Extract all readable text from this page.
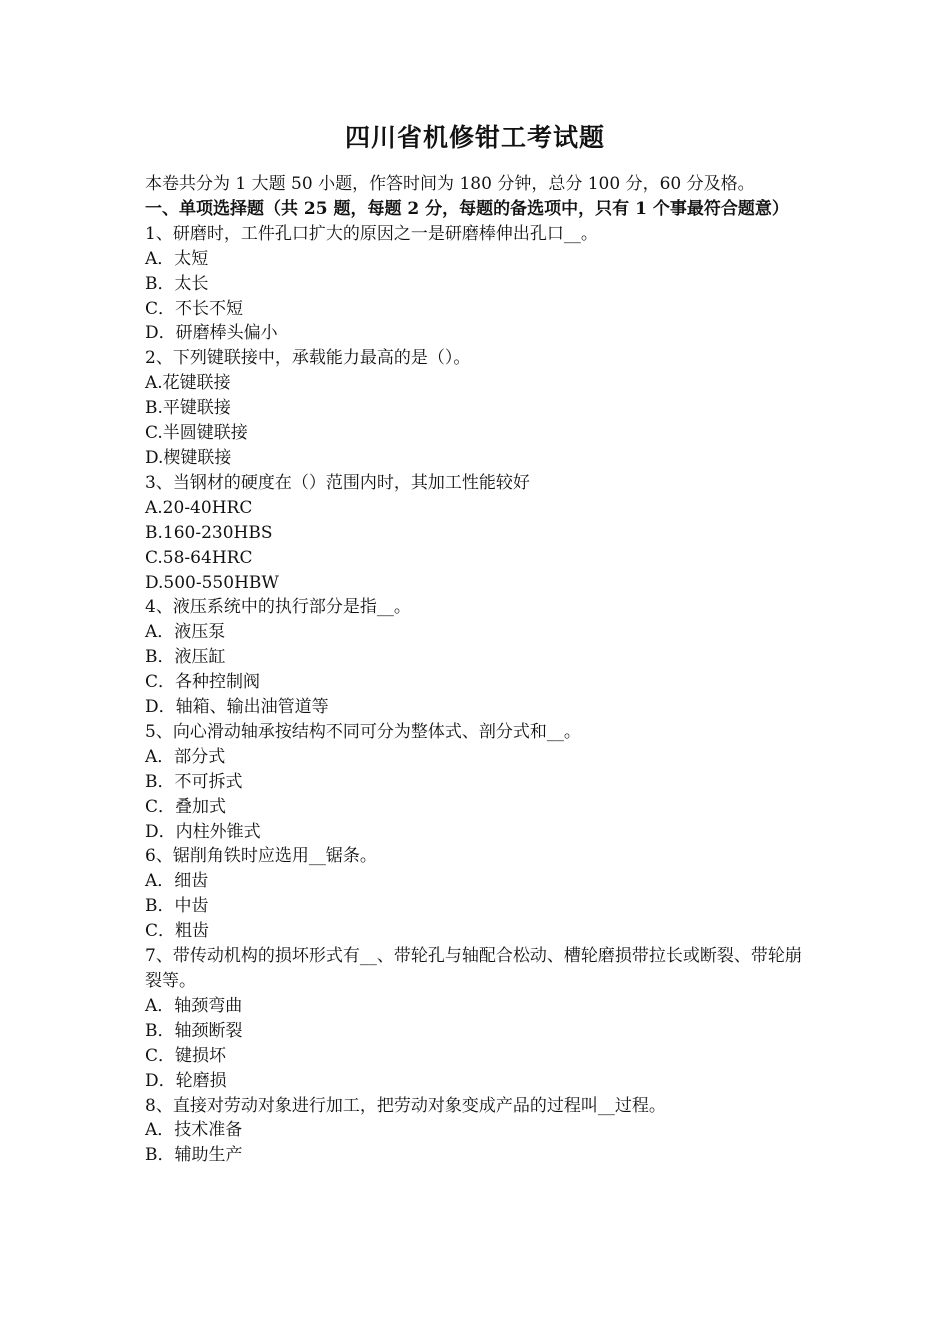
四川省机修钳工考试题
本卷共分为 1 大题 50 小题，作答时间为 180 分钟，总分 100 分，60 分及格。
一、单项选择题（共 25 题，每题 2 分，每题的备选项中，只有 1 个事最符合题意）
1、研磨时，工件孔口扩大的原因之一是研磨棒伸出孔口__。
A．太短
B．太长
C．不长不短
D．研磨棒头偏小
2、下列键联接中，承载能力最高的是（）。
A.花键联接
B.平键联接
C.半圆键联接
D.楔键联接
3、当钢材的硬度在（）范围内时，其加工性能较好
A.20-40HRC
B.160-230HBS
C.58-64HRC
D.500-550HBW
4、液压系统中的执行部分是指__。
A．液压泵
B．液压缸
C．各种控制阀
D．轴箱、输出油管道等
5、向心滑动轴承按结构不同可分为整体式、剖分式和__。
A．部分式
B．不可拆式
C．叠加式
D．内柱外锥式
6、锯削角铁时应选用__锯条。
A．细齿
B．中齿
C．粗齿
7、带传动机构的损坏形式有__、带轮孔与轴配合松动、槽轮磨损带拉长或断裂、带轮崩裂等。
A．轴颈弯曲
B．轴颈断裂
C．键损坏
D．轮磨损
8、直接对劳动对象进行加工，把劳动对象变成产品的过程叫__过程。
A．技术准备
B．辅助生产
